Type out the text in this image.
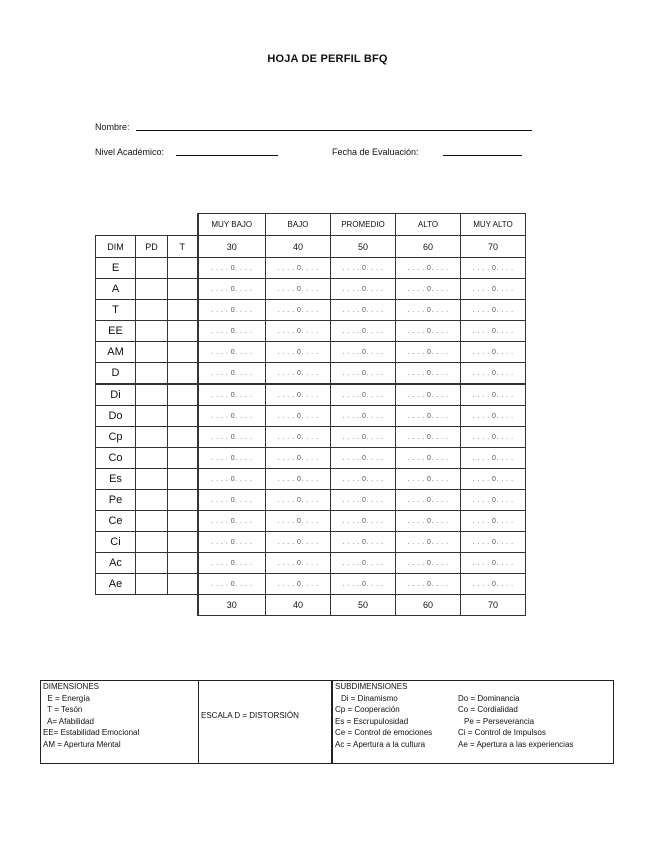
HOJA DE PERFIL BFQ
Nombre:
Nivel Académico:	Fecha de Evaluación:
			MUY BAJO	BAJO	PROMEDIO	ALTO	MUY ALTO
DIM	PD	T	30	40	50	60	70
E			. . . . 0. . . .	. . . . 0. . . .	. . . . 0. . . .	. . . . 0. . . .	. . . . 0. . . .
A			. . . . 0. . . .	. . . . 0. . . .	. . . . 0. . . .	. . . . 0. . . .	. . . . 0. . . .
T			. . . . 0. . . .	. . . . 0. . . .	. . . . 0. . . .	. . . . 0. . . .	. . . . 0. . . .
EE			. . . . 0. . . .	. . . . 0. . . .	. . . . 0. . . .	. . . . 0. . . .	. . . . 0. . . .
AM			. . . . 0. . . .	. . . . 0. . . .	. . . . 0. . . .	. . . . 0. . . .	. . . . 0. . . .
D			. . . . 0. . . .	. . . . 0. . . .	. . . . 0. . . .	. . . . 0. . . .	. . . . 0. . . .
Di			. . . . 0. . . .	. . . . 0. . . .	. . . . 0. . . .	. . . . 0. . . .	. . . . 0. . . .
Do			. . . . 0. . . .	. . . . 0. . . .	. . . . 0. . . .	. . . . 0. . . .	. . . . 0. . . .
Cp			. . . . 0. . . .	. . . . 0. . . .	. . . . 0. . . .	. . . . 0. . . .	. . . . 0. . . .
Co			. . . . 0. . . .	. . . . 0. . . .	. . . . 0. . . .	. . . . 0. . . .	. . . . 0. . . .
Es			. . . . 0. . . .	. . . . 0. . . .	. . . . 0. . . .	. . . . 0. . . .	. . . . 0. . . .
Pe			. . . . 0. . . .	. . . . 0. . . .	. . . . 0. . . .	. . . . 0. . . .	. . . . 0. . . .
Ce			. . . . 0. . . .	. . . . 0. . . .	. . . . 0. . . .	. . . . 0. . . .	. . . . 0. . . .
Ci			. . . . 0. . . .	. . . . 0. . . .	. . . . 0. . . .	. . . . 0. . . .	. . . . 0. . . .
Ac			. . . . 0. . . .	. . . . 0. . . .	. . . . 0. . . .	. . . . 0. . . .	. . . . 0. . . .
Ae			. . . . 0. . . .	. . . . 0. . . .	. . . . 0. . . .	. . . . 0. . . .	. . . . 0. . . .
			30	40	50	60	70
DIMENSIONES
E = Energía
T = Tesón
A= Afabilidad
EE= Estabilidad Emocional
AM = Apertura Mental
ESCALA D = DISTORSIÓN
SUBDIMENSIONES
Di = Dinamismo	Do = Dominancia
Cp = Cooperación	Co = Cordialidad
Es = Escrupulosidad	Pe = Perseverancia
Ce = Control de emociones	Ci = Control de Impulsos
Ac = Apertura a la cultura	Ae = Apertura a las experiencias
